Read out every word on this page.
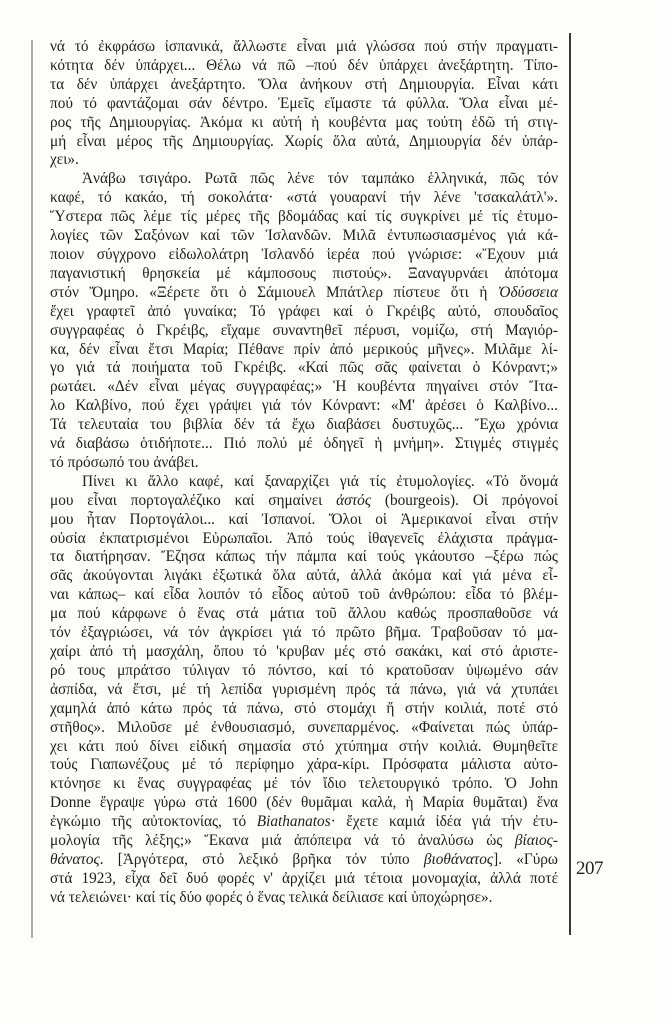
νά τό ἐκφράσω ἰσπανικά, ἄλλωστε εἶναι μιά γλώσσα πού στήν πραγματι-
κότητα δέν ὑπάρχει... Θέλω νά πῶ –πού δέν ὑπάρχει ἀνεξάρτητη. Τίπο-
τα δέν ὑπάρχει ἀνεξάρτητο. Ὅλα ἀνήκουν στή Δημιουργία. Εἶναι κάτι
πού τό φαντάζομαι σάν δέντρο. Ἐμεῖς εἴμαστε τά φύλλα. Ὅλα εἶναι μέ-
ρος τῆς Δημιουργίας. Ἀκόμα κι αὐτή ἡ κουβέντα μας τούτη ἐδῶ τή στιγ-
μή εἶναι μέρος τῆς Δημιουργίας. Χωρίς ὅλα αὐτά, Δημιουργία δέν ὑπάρ-
χει».
Ἀνάβω τσιγάρο. Ρωτᾶ πῶς λένε τόν ταμπάκο ἑλληνικά, πῶς τόν
καφέ, τό κακάο, τή σοκολάτα· «στά γουαρανί τήν λένε 'τσακαλάτλ'».
Ὕστερα πῶς λέμε τίς μέρες τῆς βδομάδας καί τίς συγκρίνει μέ τίς ἐτυμο-
λογίες τῶν Σαξόνων καί τῶν Ἰσλανδῶν. Μιλᾶ ἐντυπωσιασμένος γιά κά-
ποιον σύγχρονο εἰδωλολάτρη Ἰσλανδό ἱερέα πού γνώρισε: «Ἔχουν μιά
παγανιστική θρησκεία μέ κάμποσους πιστούς». Ξαναγυρνάει ἀπότομα
στόν Ὅμηρο. «Ξέρετε ὅτι ὁ Σάμιουελ Μπάτλερ πίστευε ὅτι ἡ Ὀδύσσεια
ἔχει γραφτεῖ ἀπό γυναίκα; Τό γράφει καί ὁ Γκρέιβς αὐτό, σπουδαῖος
συγγραφέας ὁ Γκρέιβς, εἴχαμε συναντηθεῖ πέρυσι, νομίζω, στή Μαγιόρ-
κα, δέν εἶναι ἔτσι Μαρία; Πέθανε πρίν ἀπό μερικούς μῆνες». Μιλᾶμε λί-
γο γιά τά ποιήματα τοῦ Γκρέιβς. «Καί πῶς σᾶς φαίνεται ὁ Κόνραντ;»
ρωτάει. «Δέν εἶναι μέγας συγγραφέας;» Ἡ κουβέντα πηγαίνει στόν Ἴτα-
λο Καλβίνο, πού ἔχει γράψει γιά τόν Κόνραντ: «Μ' ἀρέσει ὁ Καλβίνο...
Τά τελευταία του βιβλία δέν τά ἔχω διαβάσει δυστυχῶς... Ἔχω χρόνια
νά διαβάσω ὁτιδήποτε... Πιό πολύ μέ ὁδηγεῖ ἡ μνήμη». Στιγμές στιγμές
τό πρόσωπό του ἀνάβει.
Πίνει κι ἄλλο καφέ, καί ξαναρχίζει γιά τίς ἐτυμολογίες. «Τό ὄνομά
μου εἶναι πορτογαλέζικο καί σημαίνει ἀστός (bourgeois). Οἱ πρόγονοί
μου ἦταν Πορτογάλοι... καί Ἰσπανοί. Ὅλοι οἱ Ἀμερικανοί εἶναι στήν
οὐσία ἐκπατρισμένοι Εὐρωπαῖοι. Ἀπό τούς ἰθαγενεῖς ἐλάχιστα πράγμα-
τα διατήρησαν. Ἔζησα κάπως τήν πάμπα καί τούς γκάουτσο –ξέρω πώς
σᾶς ἀκούγονται λιγάκι ἐξωτικά ὅλα αὐτά, ἀλλά ἀκόμα καί γιά μένα εἶ-
ναι κάπως– καί εἶδα λοιπόν τό εἶδος αὐτοῦ τοῦ ἀνθρώπου: εἶδα τό βλέμ-
μα πού κάρφωνε ὁ ἕνας στά μάτια τοῦ ἄλλου καθώς προσπαθοῦσε νά
τόν ἐξαγριώσει, νά τόν ἀγκρίσει γιά τό πρῶτο βῆμα. Τραβοῦσαν τό μα-
χαίρι ἀπό τή μασχάλη, ὅπου τό 'κρυβαν μές στό σακάκι, καί στό ἀριστε-
ρό τους μπράτσο τύλιγαν τό πόντσο, καί τό κρατοῦσαν ὑψωμένο σάν
ἀσπίδα, νά ἔτσι, μέ τή λεπίδα γυρισμένη πρός τά πάνω, γιά νά χτυπάει
χαμηλά ἀπό κάτω πρός τά πάνω, στό στομάχι ἤ στήν κοιλιά, ποτέ στό
στῆθος». Μιλοῦσε μέ ἐνθουσιασμό, συνεπαρμένος. «Φαίνεται πώς ὑπάρ-
χει κάτι πού δίνει εἰδική σημασία στό χτύπημα στήν κοιλιά. Θυμηθεῖτε
τούς Γιαπωνέζους μέ τό περίφημο χάρα-κίρι. Πρόσφατα μάλιστα αὐτο-
κτόνησε κι ἕνας συγγραφέας μέ τόν ἴδιο τελετουργικό τρόπο. Ὁ John
Donne ἔγραψε γύρω στά 1600 (δέν θυμᾶμαι καλά, ἡ Μαρία θυμᾶται) ἕνα
ἐγκώμιο τῆς αὐτοκτονίας, τό Biathanatos· ἔχετε καμιά ἰδέα γιά τήν ἐτυ-
μολογία τῆς λέξης;» Ἔκανα μιά ἀπόπειρα νά τό ἀναλύσω ὡς βίαιος-
θάνατος. [Ἀργότερα, στό λεξικό βρῆκα τόν τύπο βιοθάνατος]. «Γύρω
στά 1923, εἶχα δεῖ δυό φορές ν' ἀρχίζει μιά τέτοια μονομαχία, ἀλλά ποτέ
νά τελειώνει· καί τίς δύο φορές ὁ ἕνας τελικά δείλιασε καί ὑποχώρησε».
207
